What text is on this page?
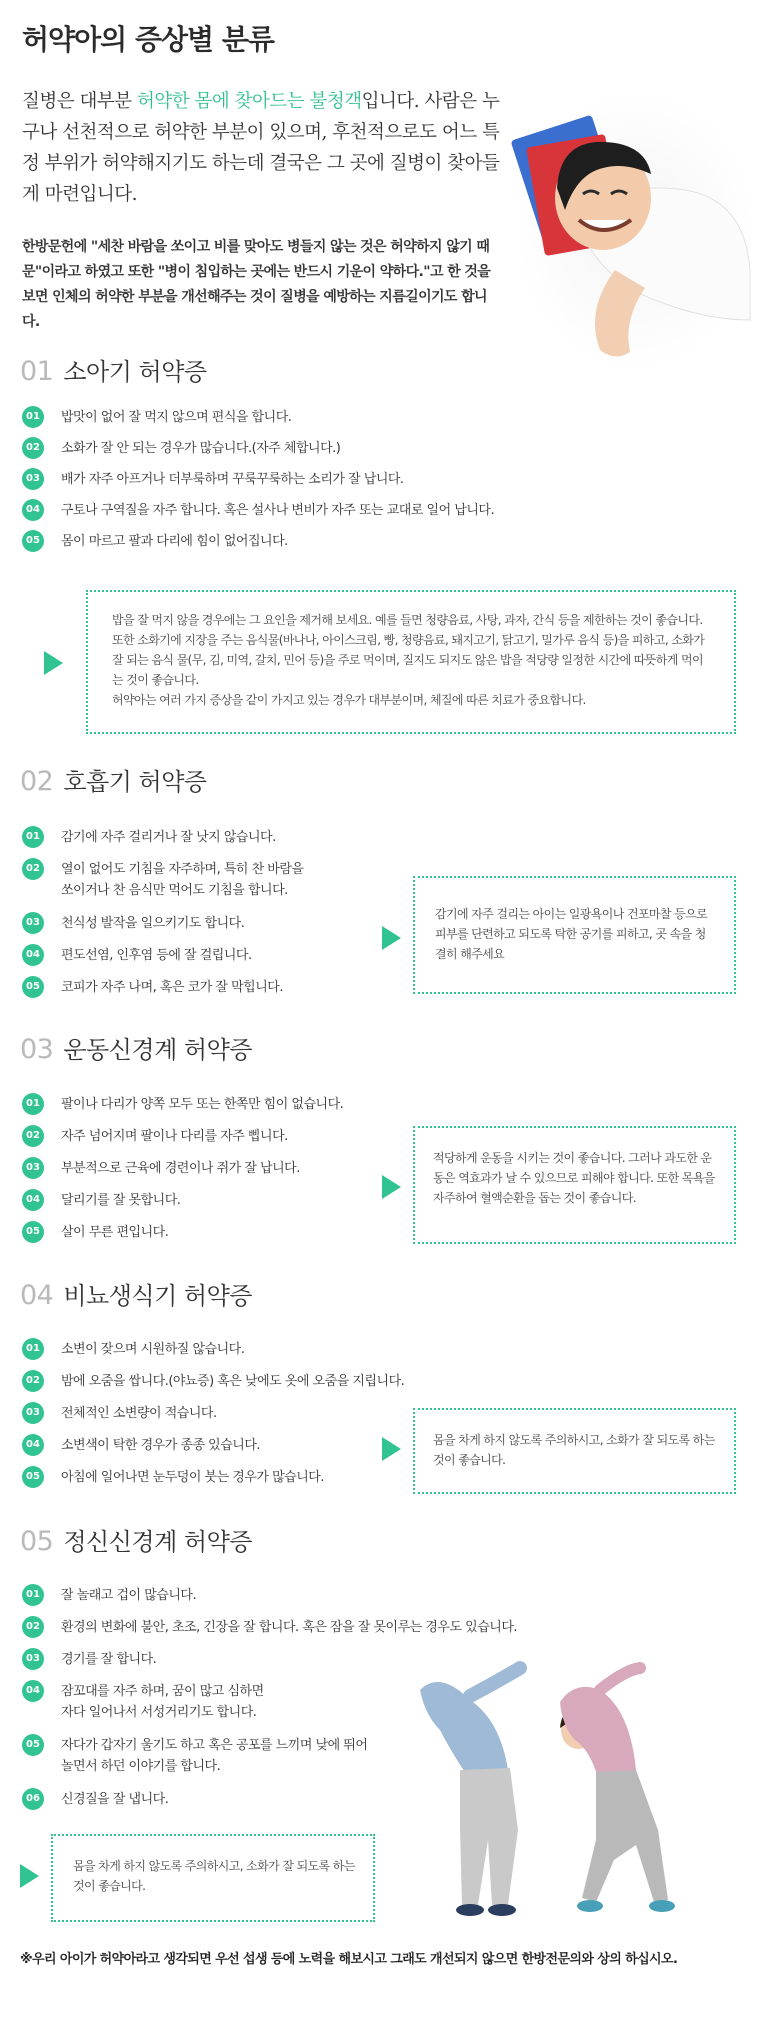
허약아의 증상별 분류
질병은 대부분 허약한 몸에 찾아드는 불청객입니다. 사람은 누구나 선천적으로 허약한 부분이 있으며, 후천적으로도 어느 특정 부위가 허약해지기도 하는데 결국은 그 곳에 질병이 찾아들게 마련입니다.
한방문헌에 "세찬 바람을 쏘이고 비를 맞아도 병들지 않는 것은 허약하지 않기 때문"이라고 하였고 또한 "병이 침입하는 곳에는 반드시 기운이 약하다."고 한 것을 보면 인체의 허약한 부분을 개선해주는 것이 질병을 예방하는 지름길이기도 합니다.
01 소아기 허약증
01	밥맛이 없어 잘 먹지 않으며 편식을 합니다.
02	소화가 잘 안 되는 경우가 많습니다.(자주 체합니다.)
03	배가 자주 아프거나 더부룩하며 꾸룩꾸룩하는 소리가 잘 납니다.
04	구토나 구역질을 자주 합니다. 혹은 설사나 변비가 자주 또는 교대로 일어 납니다.
05	몸이 마르고 팔과 다리에 힘이 없어집니다.
밥을 잘 먹지 않을 경우에는 그 요인을 제거해 보세요. 예를 들면 청량음료, 사탕, 과자, 간식 등을 제한하는 것이 좋습니다. 또한 소화기에 지장을 주는 음식물(바나나, 아이스크림, 빵, 청량음료, 돼지고기, 닭고기, 밀가루 음식 등)을 피하고, 소화가 잘 되는 음식 물(무, 김, 미역, 갈치, 민어 등)을 주로 먹이며, 질지도 되지도 않은 밥을 적당량 일정한 시간에 따뜻하게 먹이는 것이 좋습니다.
허약아는 여러 가지 증상을 같이 가지고 있는 경우가 대부분이며, 체질에 따른 치료가 중요합니다.
02 호흡기 허약증
01	감기에 자주 걸리거나 잘 낫지 않습니다.
02	열이 없어도 기침을 자주하며, 특히 찬 바람을
쏘이거나 찬 음식만 먹어도 기침을 합니다.
03	천식성 발작을 일으키기도 합니다.
04	편도선염, 인후염 등에 잘 걸립니다.
05	코피가 자주 나며, 혹은 코가 잘 막힙니다.
감기에 자주 걸리는 아이는 일광욕이나 건포마찰 등으로 피부를 단련하고 되도록 탁한 공기를 피하고, 곳 속을 청결히 해주세요
03 운동신경계 허약증
01	팔이나 다리가 양쪽 모두 또는 한쪽만 힘이 없습니다.
02	자주 넘어지며 팔이나 다리를 자주 삡니다.
03	부분적으로 근육에 경련이나 쥐가 잘 납니다.
04	달리기를 잘 못합니다.
05	살이 무른 편입니다.
적당하게 운동을 시키는 것이 좋습니다. 그러나 과도한 운동은 역효과가 날 수 있으므로 피해야 합니다. 또한 목욕을 자주하여 혈액순환을 돕는 것이 좋습니다.
04 비뇨생식기 허약증
01	소변이 잦으며 시원하질 않습니다.
02	밤에 오줌을 쌉니다.(야뇨증) 혹은 낮에도 옷에 오줌을 지립니다.
03	전체적인 소변량이 적습니다.
04	소변색이 탁한 경우가 종종 있습니다.
05	아침에 일어나면 눈두덩이 붓는 경우가 많습니다.
몸을 차게 하지 않도록 주의하시고, 소화가 잘 되도록 하는 것이 좋습니다.
05 정신신경계 허약증
01	잘 놀래고 겁이 많습니다.
02	환경의 변화에 불안, 초조, 긴장을 잘 합니다. 혹은 잠을 잘 못이루는 경우도 있습니다.
03	경기를 잘 합니다.
04	잠꼬대를 자주 하며, 꿈이 많고 심하면
자다 일어나서 서성거리기도 합니다.
05	자다가 갑자기 울기도 하고 혹은 공포를 느끼며 낮에 뛰어
놀면서 하던 이야기를 합니다.
06	신경질을 잘 냅니다.
몸을 차게 하지 않도록 주의하시고, 소화가 잘 되도록 하는 것이 좋습니다.
※우리 아이가 허약아라고 생각되면 우선 섭생 등에 노력을 해보시고 그래도 개선되지 않으면 한방전문의와 상의 하십시오.
